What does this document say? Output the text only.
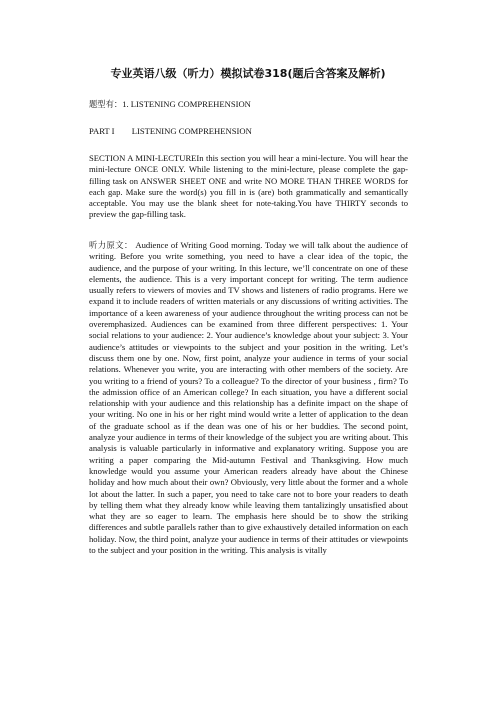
专业英语八级（听力）模拟试卷318(题后含答案及解析)
题型有：1. LISTENING COMPREHENSION
PART I        LISTENING COMPREHENSION
SECTION A MINI-LECTUREIn this section you will hear a mini-lecture. You will hear the mini-lecture ONCE ONLY. While listening to the mini-lecture, please complete the gap-filling task on ANSWER SHEET ONE and write NO MORE THAN THREE WORDS for each gap. Make sure the word(s) you fill in is (are) both grammatically and semantically acceptable. You may use the blank sheet for note-taking.You have THIRTY seconds to preview the gap-filling task.
听力原文： Audience of Writing Good morning. Today we will talk about the audience of writing. Before you write something, you need to have a clear idea of the topic, the audience, and the purpose of your writing. In this lecture, we’ll concentrate on one of these elements, the audience. This is a very important concept for writing. The term audience usually refers to viewers of movies and TV shows and listeners of radio programs. Here we expand it to include readers of written materials or any discussions of writing activities. The importance of a keen awareness of your audience throughout the writing process can not be overemphasized. Audiences can be examined from three different perspectives: 1. Your social relations to your audience: 2. Your audience’s knowledge about your subject: 3. Your audience’s attitudes or viewpoints to the subject and your position in the writing. Let’s discuss them one by one. Now, first point, analyze your audience in terms of your social relations. Whenever you write, you are interacting with other members of the society. Are you writing to a friend of yours? To a colleague? To the director of your business , firm? To the admission office of an American college? In each situation, you have a different social relationship with your audience and this relationship has a definite impact on the shape of your writing. No one in his or her right mind would write a letter of application to the dean of the graduate school as if the dean was one of his or her buddies. The second point, analyze your audience in terms of their knowledge of the subject you are writing about. This analysis is valuable particularly in informative and explanatory writing. Suppose you are writing a paper comparing the Mid-autumn Festival and Thanksgiving. How much knowledge would you assume your American readers already have about the Chinese holiday and how much about their own? Obviously, very little about the former and a whole lot about the latter. In such a paper, you need to take care not to bore your readers to death by telling them what they already know while leaving them tantalizingly unsatisfied about what they are so eager to learn. The emphasis here should be to show the striking differences and subtle parallels rather than to give exhaustively detailed information on each holiday. Now, the third point, analyze your audience in terms of their attitudes or viewpoints to the subject and your position in the writing. This analysis is vitally
